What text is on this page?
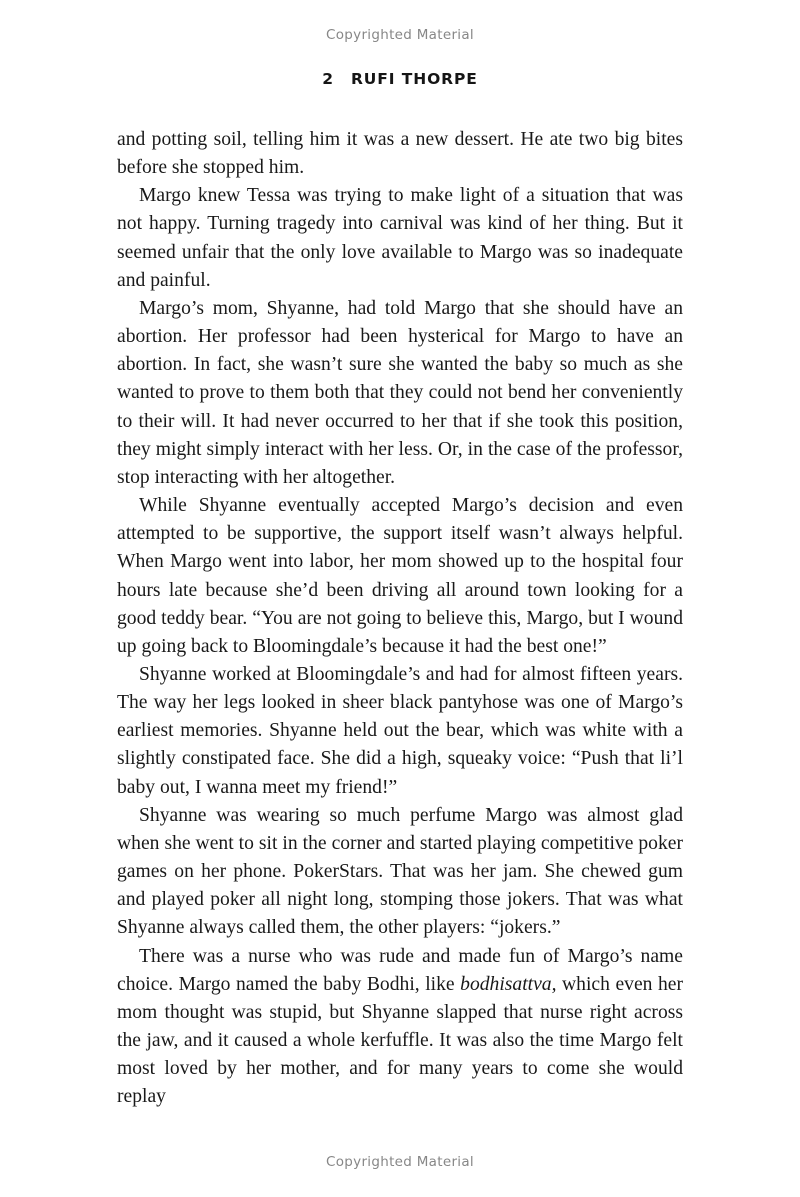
Copyrighted Material
2 RUFI THORPE

and potting soil, telling him it was a new dessert. He ate two big bites before she stopped him.

Margo knew Tessa was trying to make light of a situation that was not happy. Turning tragedy into carnival was kind of her thing. But it seemed unfair that the only love available to Margo was so inadequate and painful.

Margo’s mom, Shyanne, had told Margo that she should have an abortion. Her professor had been hysterical for Margo to have an abortion. In fact, she wasn’t sure she wanted the baby so much as she wanted to prove to them both that they could not bend her conveniently to their will. It had never occurred to her that if she took this position, they might simply interact with her less. Or, in the case of the professor, stop interacting with her altogether.

While Shyanne eventually accepted Margo’s decision and even attempted to be supportive, the support itself wasn’t always helpful. When Margo went into labor, her mom showed up to the hospital four hours late because she’d been driving all around town looking for a good teddy bear. “You are not going to believe this, Margo, but I wound up going back to Bloomingdale’s because it had the best one!”

Shyanne worked at Bloomingdale’s and had for almost fifteen years. The way her legs looked in sheer black pantyhose was one of Margo’s earliest memories. Shyanne held out the bear, which was white with a slightly constipated face. She did a high, squeaky voice: “Push that li’l baby out, I wanna meet my friend!”

Shyanne was wearing so much perfume Margo was almost glad when she went to sit in the corner and started playing competitive poker games on her phone. PokerStars. That was her jam. She chewed gum and played poker all night long, stomping those jokers. That was what Shyanne always called them, the other players: “jokers.”

There was a nurse who was rude and made fun of Margo’s name choice. Margo named the baby Bodhi, like bodhisattva, which even her mom thought was stupid, but Shyanne slapped that nurse right across the jaw, and it caused a whole kerfuffle. It was also the time Margo felt most loved by her mother, and for many years to come she would replay

Copyrighted Material
